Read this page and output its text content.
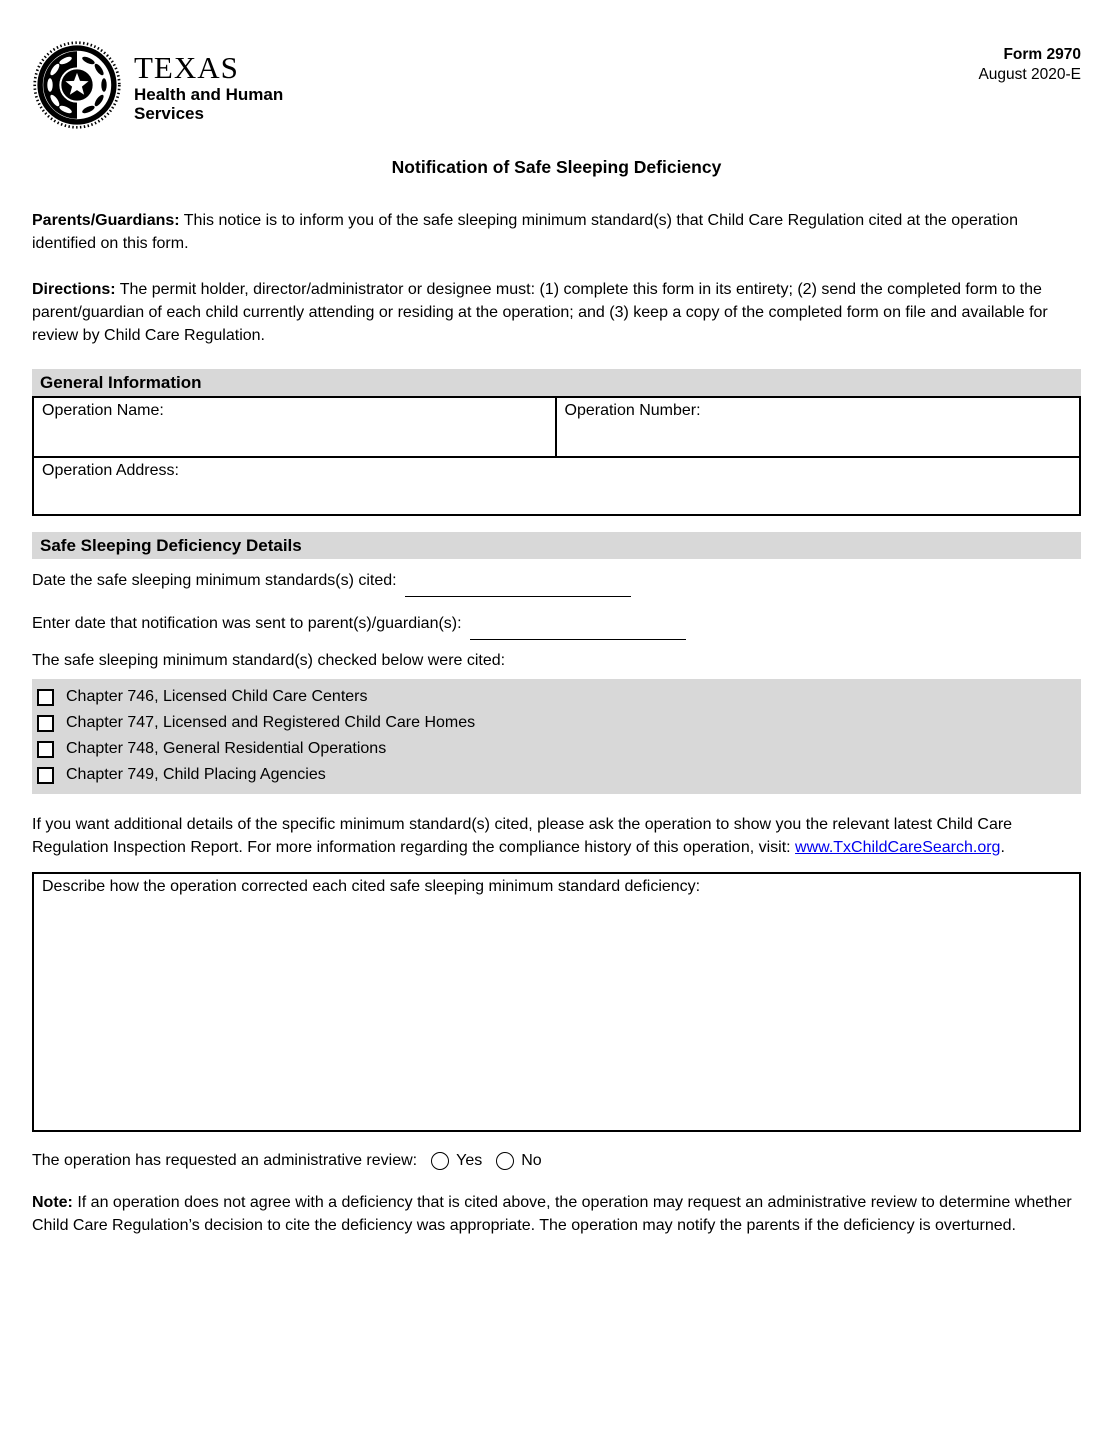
TEXAS
Health and Human
Services
Form 2970
August 2020-E
Notification of Safe Sleeping Deficiency

Parents/Guardians: This notice is to inform you of the safe sleeping minimum standard(s) that Child Care Regulation cited at the operation identified on this form.

Directions: The permit holder, director/administrator or designee must: (1) complete this form in its entirety; (2) send the completed form to the parent/guardian of each child currently attending or residing at the operation; and (3) keep a copy of the completed form on file and available for review by Child Care Regulation.

General Information
Operation Name:	Operation Number:
Operation Address:
Safe Sleeping Deficiency Details
Date the safe sleeping minimum standards(s) cited:
Enter date that notification was sent to parent(s)/guardian(s):
The safe sleeping minimum standard(s) checked below were cited:
Chapter 746, Licensed Child Care Centers
Chapter 747, Licensed and Registered Child Care Homes
Chapter 748, General Residential Operations
Chapter 749, Child Placing Agencies

If you want additional details of the specific minimum standard(s) cited, please ask the operation to show you the relevant latest Child Care Regulation Inspection Report. For more information regarding the compliance history of this operation, visit: www.TxChildCareSearch.org.

Describe how the operation corrected each cited safe sleeping minimum standard deficiency:
The operation has requested an administrative review: Yes No

Note: If an operation does not agree with a deficiency that is cited above, the operation may request an administrative review to determine whether Child Care Regulation’s decision to cite the deficiency was appropriate. The operation may notify the parents if the deficiency is overturned.
